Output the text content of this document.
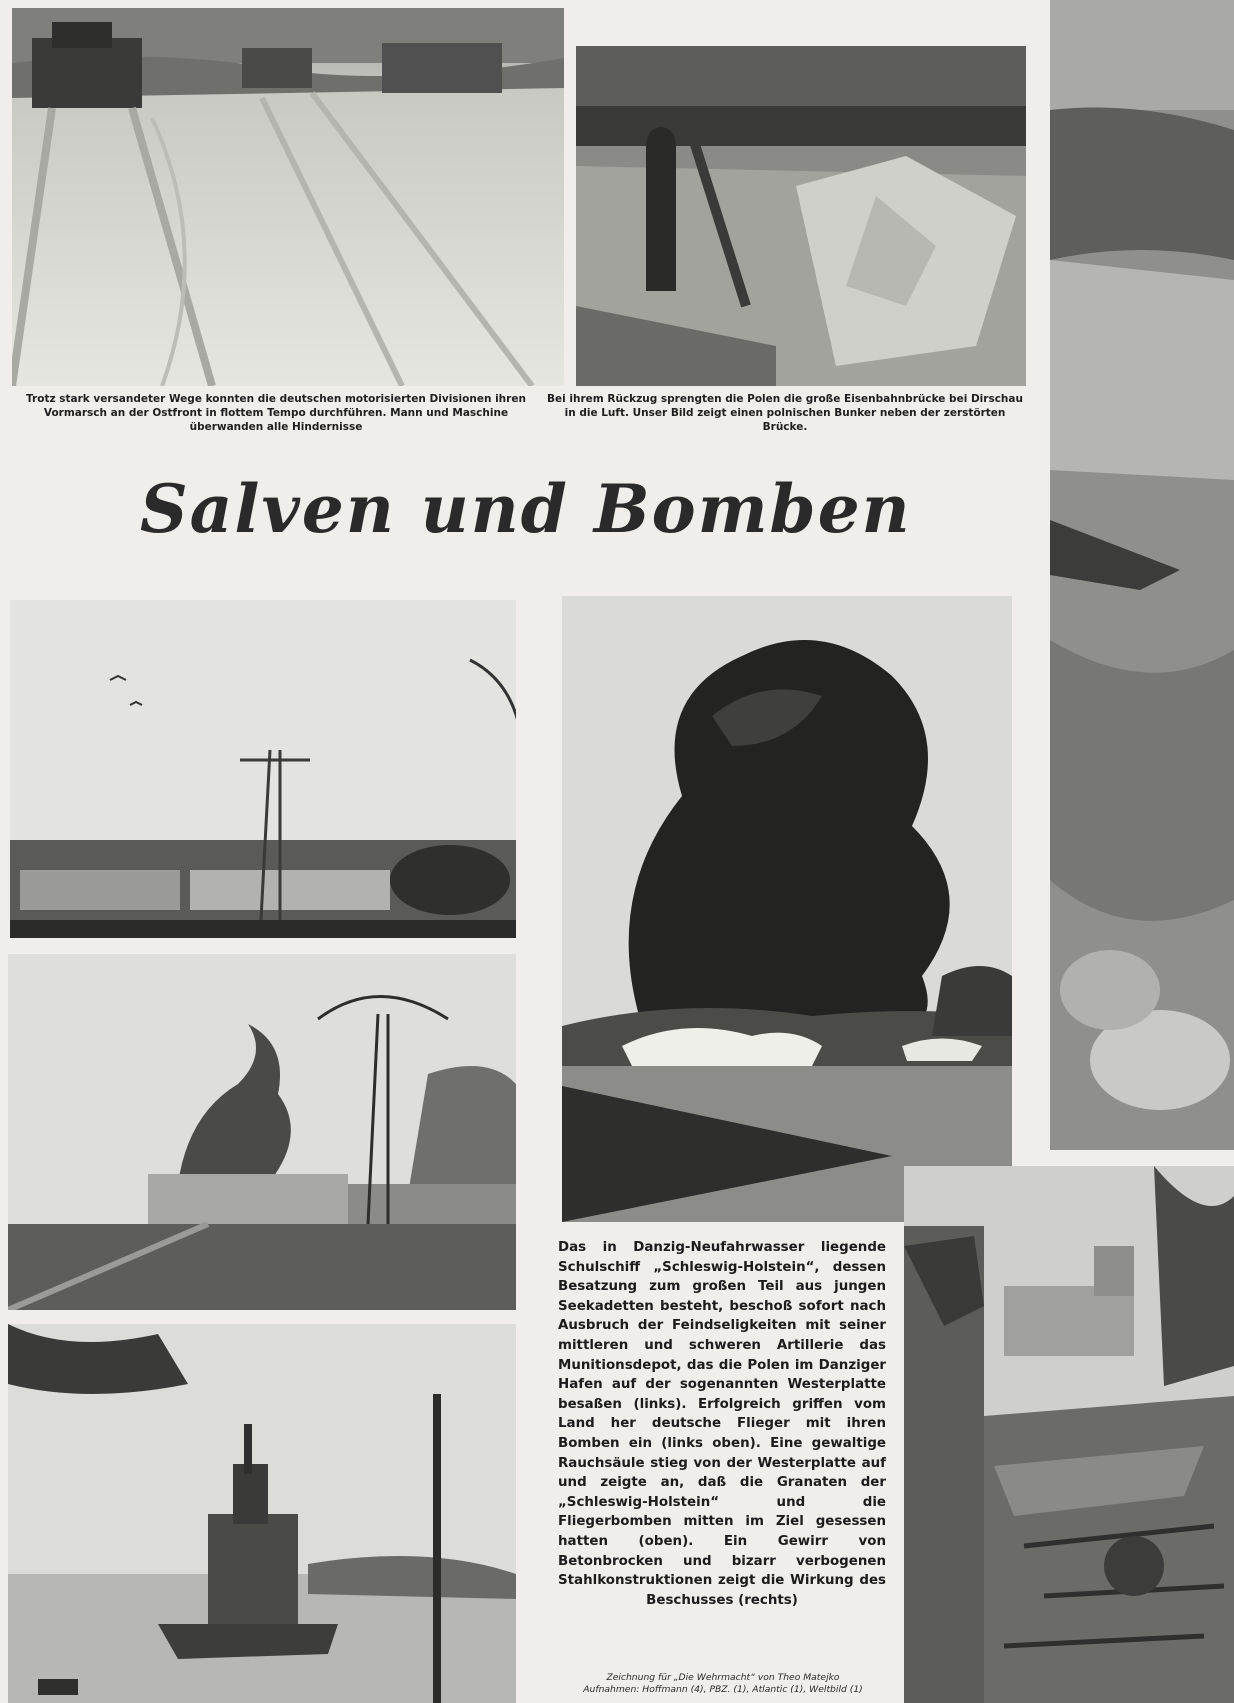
Trotz stark versandeter Wege konnten die deutschen motorisierten Divisionen ihren Vormarsch an der Ostfront in flottem Tempo durchführen. Mann und Maschine überwanden alle Hindernisse
Bei ihrem Rückzug sprengten die Polen die große Eisenbahnbrücke bei Dirschau in die Luft. Unser Bild zeigt einen polnischen Bunker neben der zerstörten Brücke.
Salven und Bomben
Das in Danzig-Neufahrwasser liegende Schulschiff „Schleswig-Holstein“, dessen Besatzung zum großen Teil aus jungen Seekadetten besteht, beschoß sofort nach Ausbruch der Feindseligkeiten mit seiner mittleren und schweren Artillerie das Munitionsdepot, das die Polen im Danziger Hafen auf der sogenannten Westerplatte besaßen (links). Erfolgreich griffen vom Land her deutsche Flieger mit ihren Bomben ein (links oben). Eine gewaltige Rauchsäule stieg von der Westerplatte auf und zeigte an, daß die Granaten der „Schleswig-Holstein“ und die Fliegerbomben mitten im Ziel gesessen hatten (oben). Ein Gewirr von Betonbrocken und bizarr verbogenen Stahlkonstruktionen zeigt die Wirkung des Beschusses (rechts)
Zeichnung für „Die Wehrmacht“ von Theo Matejko
Aufnahmen: Hoffmann (4), PBZ. (1), Atlantic (1), Weltbild (1)
